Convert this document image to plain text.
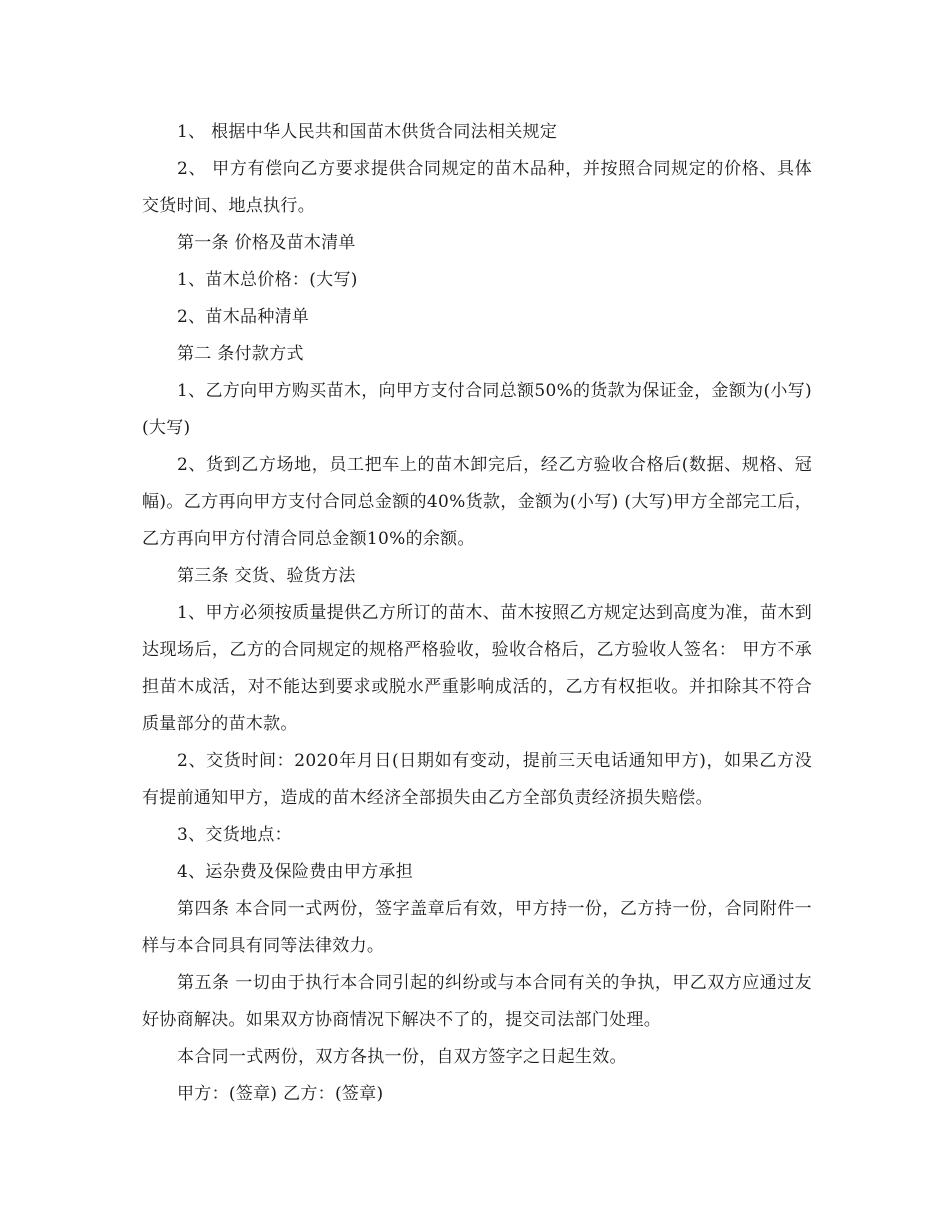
1、 根据中华人民共和国苗木供货合同法相关规定

2、 甲方有偿向乙方要求提供合同规定的苗木品种，并按照合同规定的价格、具体交货时间、地点执行。

第一条 价格及苗木清单

1、苗木总价格：(大写)

2、苗木品种清单

第二 条付款方式

1、乙方向甲方购买苗木，向甲方支付合同总额50%的货款为保证金，金额为(小写) (大写)

2、货到乙方场地，员工把车上的苗木卸完后，经乙方验收合格后(数据、规格、冠幅)。乙方再向甲方支付合同总金额的40%货款，金额为(小写) (大写)甲方全部完工后，乙方再向甲方付清合同总金额10%的余额。

第三条 交货、验货方法

1、甲方必须按质量提供乙方所订的苗木、苗木按照乙方规定达到高度为准，苗木到达现场后，乙方的合同规定的规格严格验收，验收合格后，乙方验收人签名： 甲方不承担苗木成活，对不能达到要求或脱水严重影响成活的，乙方有权拒收。并扣除其不符合质量部分的苗木款。

2、交货时间：2020年月日(日期如有变动，提前三天电话通知甲方)，如果乙方没有提前通知甲方，造成的苗木经济全部损失由乙方全部负责经济损失赔偿。

3、交货地点：

4、运杂费及保险费由甲方承担

第四条 本合同一式两份，签字盖章后有效，甲方持一份，乙方持一份，合同附件一样与本合同具有同等法律效力。

第五条 一切由于执行本合同引起的纠纷或与本合同有关的争执，甲乙双方应通过友好协商解决。如果双方协商情况下解决不了的，提交司法部门处理。

本合同一式两份，双方各执一份，自双方签字之日起生效。

甲方：(签章) 乙方：(签章)
